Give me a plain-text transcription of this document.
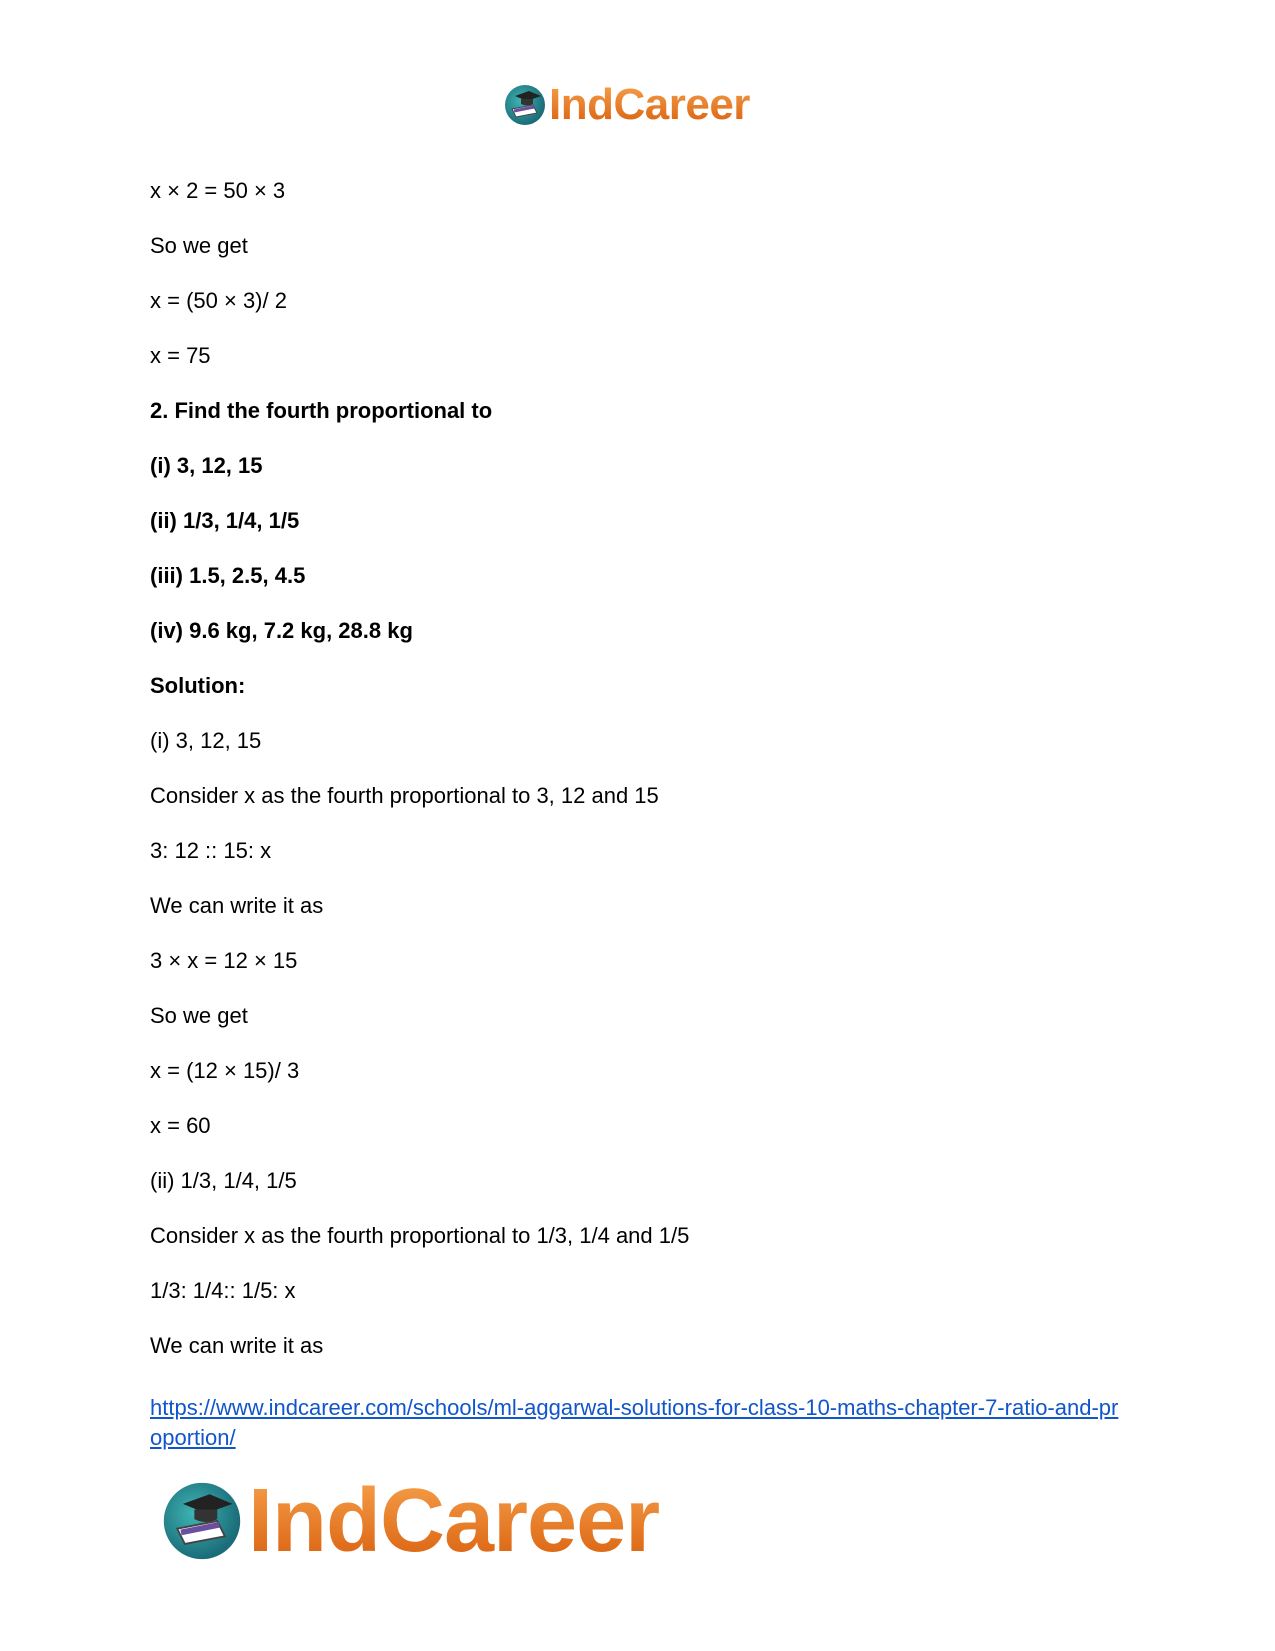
IndCareer
x × 2 = 50 × 3
So we get
x = (50 × 3)/ 2
x = 75
2. Find the fourth proportional to
(i) 3, 12, 15
(ii) 1/3, 1/4, 1/5
(iii) 1.5, 2.5, 4.5
(iv) 9.6 kg, 7.2 kg, 28.8 kg
Solution:
(i) 3, 12, 15
Consider x as the fourth proportional to 3, 12 and 15
3: 12 :: 15: x
We can write it as
3 × x = 12 × 15
So we get
x = (12 × 15)/ 3
x = 60
(ii) 1/3, 1/4, 1/5
Consider x as the fourth proportional to 1/3, 1/4 and 1/5
1/3: 1/4:: 1/5: x
We can write it as
https://www.indcareer.com/schools/ml-aggarwal-solutions-for-class-10-maths-chapter-7-ratio-and-proportion/
IndCareer
